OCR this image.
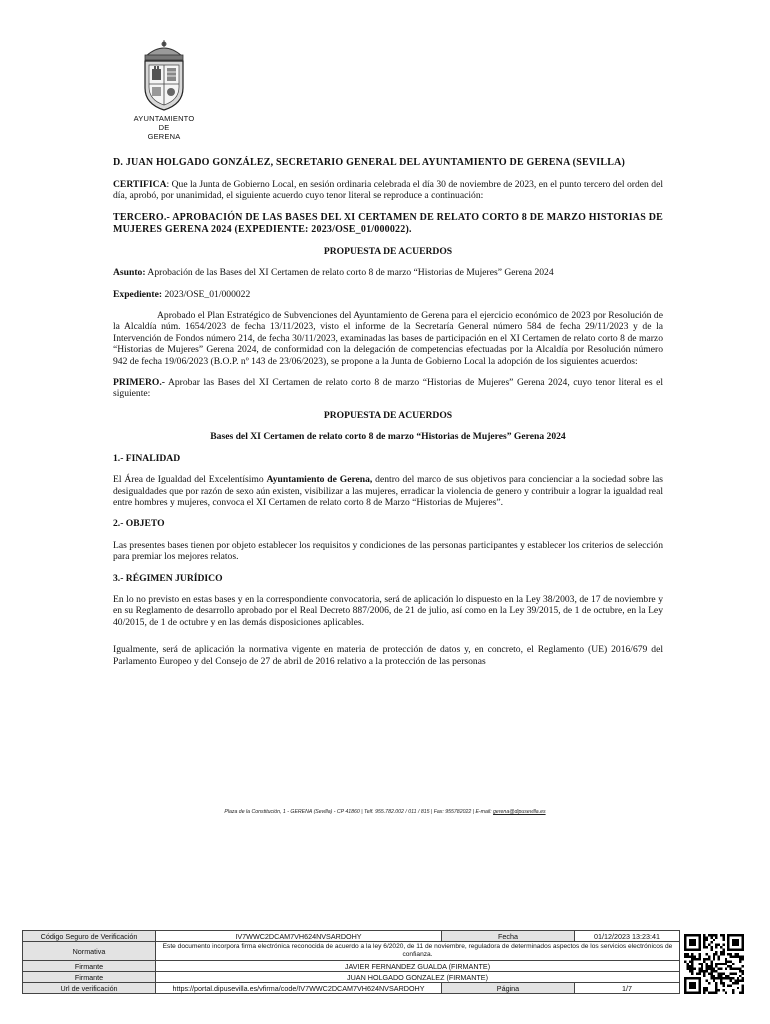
AYUNTAMIENTO
DE
GERENA

D. JUAN HOLGADO GONZÁLEZ, SECRETARIO GENERAL DEL AYUNTAMIENTO DE GERENA (SEVILLA)

CERTIFICA: Que la Junta de Gobierno Local, en sesión ordinaria celebrada el día 30 de noviembre de 2023, en el punto tercero del orden del día, aprobó, por unanimidad, el siguiente acuerdo cuyo tenor literal se reproduce a continuación:

TERCERO.- APROBACIÓN DE LAS BASES DEL XI CERTAMEN DE RELATO CORTO 8 DE MARZO HISTORIAS DE MUJERES GERENA 2024 (EXPEDIENTE: 2023/OSE_01/000022).

PROPUESTA DE ACUERDOS

Asunto: Aprobación de las Bases del XI Certamen de relato corto 8 de marzo “Historias de Mujeres” Gerena 2024

Expediente: 2023/OSE_01/000022

Aprobado el Plan Estratégico de Subvenciones del Ayuntamiento de Gerena para el ejercicio económico de 2023 por Resolución de la Alcaldía núm. 1654/2023 de fecha 13/11/2023, visto el informe de la Secretaría General número 584 de fecha 29/11/2023 y de la Intervención de Fondos número 214, de fecha 30/11/2023, examinadas las bases de participación en el XI Certamen de relato corto 8 de marzo “Historias de Mujeres” Gerena 2024, de conformidad con la delegación de competencias efectuadas por la Alcaldía por Resolución número 942 de fecha 19/06/2023 (B.O.P. nº 143 de 23/06/2023), se propone a la Junta de Gobierno Local la adopción de los siguientes acuerdos:

PRIMERO.- Aprobar las Bases del XI Certamen de relato corto 8 de marzo “Historias de Mujeres” Gerena 2024, cuyo tenor literal es el siguiente:

PROPUESTA DE ACUERDOS

Bases del XI Certamen de relato corto 8 de marzo “Historias de Mujeres” Gerena 2024

1.- FINALIDAD

El Área de Igualdad del Excelentísimo Ayuntamiento de Gerena, dentro del marco de sus objetivos para concienciar a la sociedad sobre las desigualdades que por razón de sexo aún existen, visibilizar a las mujeres, erradicar la violencia de genero y contribuir a lograr la igualdad real entre hombres y mujeres, convoca el XI Certamen de relato corto 8 de Marzo “Historias de Mujeres”.

2.- OBJETO

Las presentes bases tienen por objeto establecer los requisitos y condiciones de las personas participantes y establecer los criterios de selección para premiar los mejores relatos.

3.- RÉGIMEN JURÍDICO

En lo no previsto en estas bases y en la correspondiente convocatoria, será de aplicación lo dispuesto en la Ley 38/2003, de 17 de noviembre y en su Reglamento de desarrollo aprobado por el Real Decreto 887/2006, de 21 de julio, así como en la Ley 39/2015, de 1 de octubre, en la Ley 40/2015, de 1 de octubre y en las demás disposiciones aplicables.

Igualmente, será de aplicación la normativa vigente en materia de protección de datos y, en concreto, el Reglamento (UE) 2016/679 del Parlamento Europeo y del Consejo de 27 de abril de 2016 relativo a la protección de las personas

Plaza de la Constitución, 1 - GERENA (Sevilla) - CP 41860 | Telf. 955.782.002 / 011 / 815 | Fax: 955782022 | E-mail: gerena@dipusevilla.es
Código Seguro de Verificación	IV7WWC2DCAM7VH624NVSARDOHY	Fecha	01/12/2023 13:23:41
Normativa	Este documento incorpora firma electrónica reconocida de acuerdo a la ley 6/2020, de 11 de noviembre, reguladora de determinados aspectos de los servicios electrónicos de confianza.		
Firmante	JAVIER FERNANDEZ GUALDA (FIRMANTE)		
Firmante	JUAN HOLGADO GONZALEZ (FIRMANTE)		
Url de verificación	https://portal.dipusevilla.es/vfirma/code/IV7WWC2DCAM7VH624NVSARDOHY	Página	1/7
